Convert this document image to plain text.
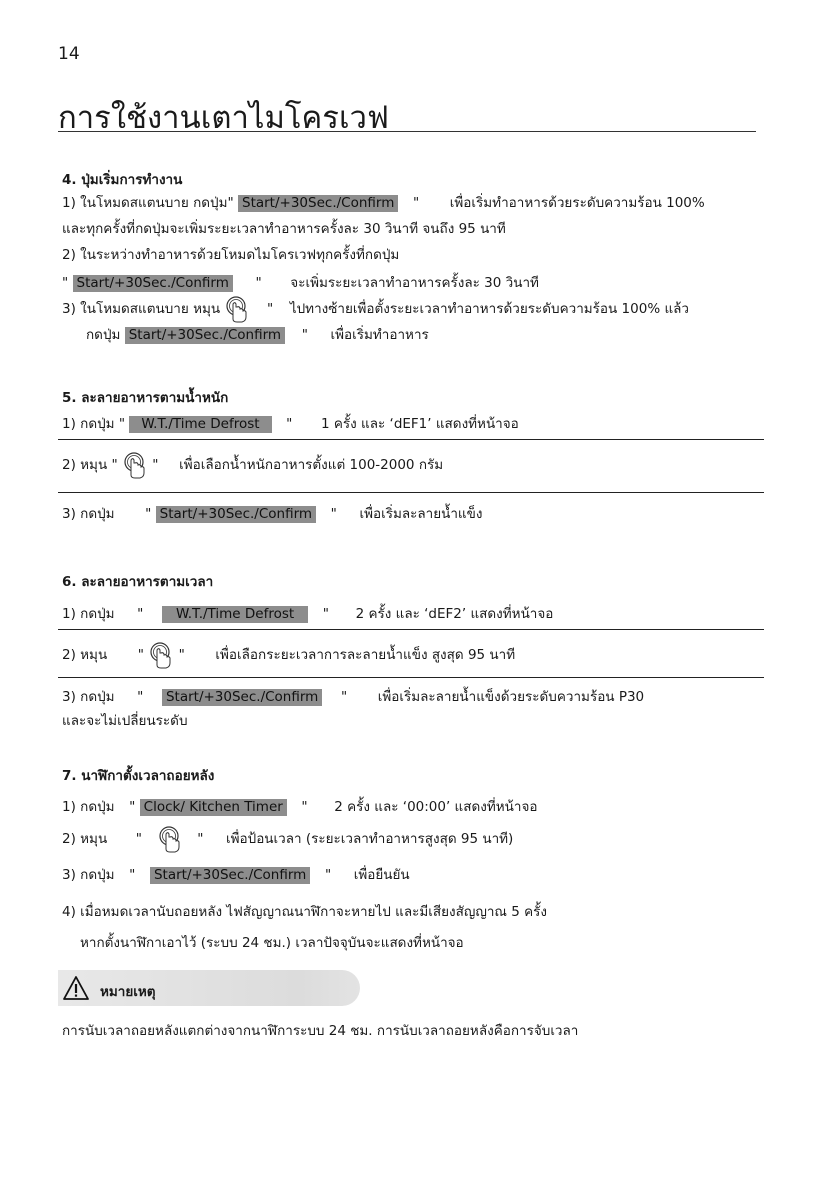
14
การใช้งานเตาไมโครเวฟ
4. ปุ่มเริ่มการทำงาน
1) ในโหมดสแตนบาย กดปุ่ม" Start/+30Sec./Confirm " เพื่อเริ่มทำอาหารด้วยระดับความร้อน 100%
และทุกครั้งที่กดปุ่มจะเพิ่มระยะเวลาทำอาหารครั้งละ 30 วินาที จนถึง 95 นาที
2) ในระหว่างทำอาหารด้วยโหมดไมโครเวฟทุกครั้งที่กดปุ่ม
" Start/+30Sec./Confirm " จะเพิ่มระยะเวลาทำอาหารครั้งละ 30 วินาที
3) ในโหมดสแตนบาย หมุน	" ไปทางซ้ายเพื่อตั้งระยะเวลาทำอาหารด้วยระดับความร้อน 100% แล้ว
กดปุ่ม Start/+30Sec./Confirm " เพื่อเริ่มทำอาหาร
5. ละลายอาหารตามน้ำหนัก
1) กดปุ่ม " W.T./Time Defrost " 1 ครั้ง และ ‘dEF1’ แสดงที่หน้าจอ
2) หมุน "	" เพื่อเลือกน้ำหนักอาหารตั้งแต่ 100-2000 กรัม
3) กดปุ่ม " Start/+30Sec./Confirm " เพื่อเริ่มละลายน้ำแข็ง
6. ละลายอาหารตามเวลา
1) กดปุ่ม " W.T./Time Defrost " 2 ครั้ง และ ‘dEF2’ แสดงที่หน้าจอ
2) หมุน "	" เพื่อเลือกระยะเวลาการละลายน้ำแข็ง สูงสุด 95 นาที
3) กดปุ่ม " Start/+30Sec./Confirm " เพื่อเริ่มละลายน้ำแข็งด้วยระดับความร้อน P30
และจะไม่เปลี่ยนระดับ
7. นาฬิกาตั้งเวลาถอยหลัง
1) กดปุ่ม " Clock/ Kitchen Timer " 2 ครั้ง และ ‘00:00’ แสดงที่หน้าจอ
2) หมุน "	" เพื่อป้อนเวลา (ระยะเวลาทำอาหารสูงสุด 95 นาที)
3) กดปุ่ม " Start/+30Sec./Confirm " เพื่อยืนยัน
4) เมื่อหมดเวลานับถอยหลัง ไฟสัญญาณนาฬิกาจะหายไป และมีเสียงสัญญาณ 5 ครั้ง
หากตั้งนาฬิกาเอาไว้ (ระบบ 24 ชม.) เวลาปัจจุบันจะแสดงที่หน้าจอ
หมายเหตุ
การนับเวลาถอยหลังแตกต่างจากนาฬิการะบบ 24 ชม. การนับเวลาถอยหลังคือการจับเวลา
